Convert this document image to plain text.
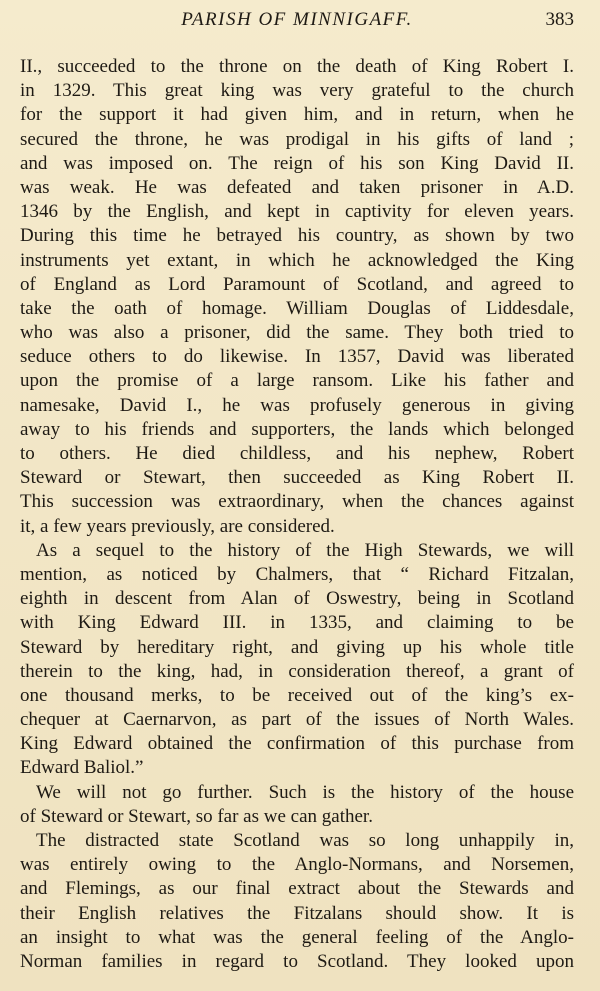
PARISH OF MINNIGAFF.	383
II., succeeded to the throne on the death of King Robert I.
in 1329. This great king was very grateful to the church
for the support it had given him, and in return, when he
secured the throne, he was prodigal in his gifts of land ;
and was imposed on. The reign of his son King David II.
was weak. He was defeated and taken prisoner in A.D.
1346 by the English, and kept in captivity for eleven years.
During this time he betrayed his country, as shown by two
instruments yet extant, in which he acknowledged the King
of England as Lord Paramount of Scotland, and agreed to
take the oath of homage. William Douglas of Liddesdale,
who was also a prisoner, did the same. They both tried to
seduce others to do likewise. In 1357, David was liberated
upon the promise of a large ransom. Like his father and
namesake, David I., he was profusely generous in giving
away to his friends and supporters, the lands which belonged
to others. He died childless, and his nephew, Robert
Steward or Stewart, then succeeded as King Robert II.
This succession was extraordinary, when the chances against
it, a few years previously, are considered.
As a sequel to the history of the High Stewards, we will
mention, as noticed by Chalmers, that “ Richard Fitzalan,
eighth in descent from Alan of Oswestry, being in Scotland
with King Edward III. in 1335, and claiming to be
Steward by hereditary right, and giving up his whole title
therein to the king, had, in consideration thereof, a grant of
one thousand merks, to be received out of the king’s ex-
chequer at Caernarvon, as part of the issues of North Wales.
King Edward obtained the confirmation of this purchase from
Edward Baliol.”
We will not go further. Such is the history of the house
of Steward or Stewart, so far as we can gather.
The distracted state Scotland was so long unhappily in,
was entirely owing to the Anglo-Normans, and Norsemen,
and Flemings, as our final extract about the Stewards and
their English relatives the Fitzalans should show. It is
an insight to what was the general feeling of the Anglo-
Norman families in regard to Scotland. They looked upon
